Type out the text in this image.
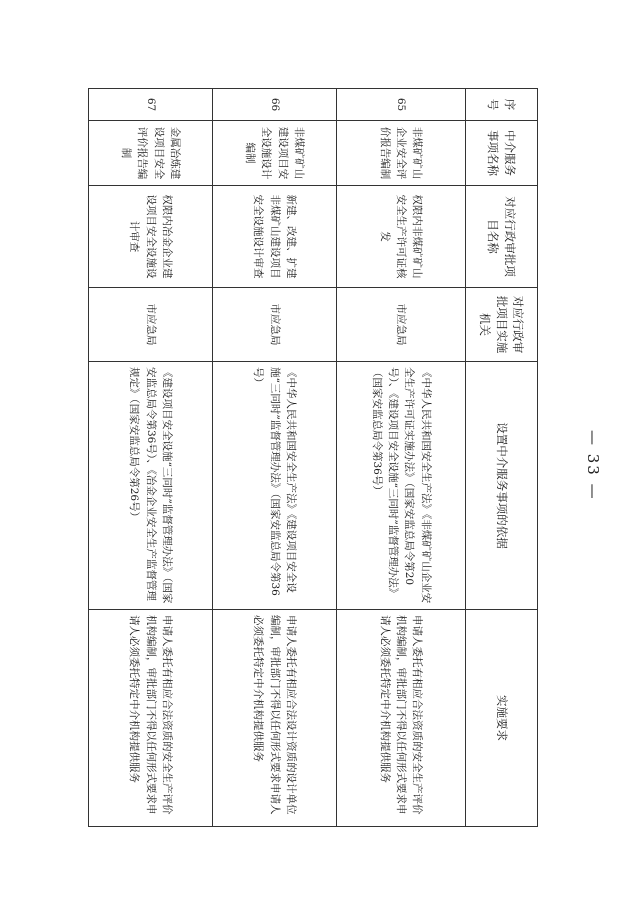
序号	中介服务事项名称	对应行政审批项目名称	对应行政审批项目实施机关	设置中介服务事项的依据	实施要求
65	非煤矿矿山企业安全评价报告编制	权限内非煤矿矿山安全生产许可证核发	市应急局	《中华人民共和国安全生产法》《非煤矿矿山企业安全生产许可证实施办法》（国家安监总局令第20号）、《建设项目安全设施“三同时”监督管理办法》（国家安监总局令第36号）	申请人委托有相应合法资质的安全生产评价机构编制，审批部门不得以任何形式要求申请人必须委托特定中介机构提供服务
66	非煤矿矿山建设项目安全设施设计编制	新建、改建、扩建非煤矿山建设项目安全设施设计审查	市应急局	《中华人民共和国安全生产法》《建设项目安全设施“三同时”监督管理办法》（国家安监总局令第36号）	申请人委托有相应合法设计资质的设计单位编制，审批部门不得以任何形式要求申请人必须委托特定中介机构提供服务
67	金属冶炼建设项目安全评价报告编制	权限内冶金企业建设项目安全设施设计审查	市应急局	《建设项目安全设施“三同时”监督管理办法》（国家安监总局令第36号）、《冶金企业安全生产监督管理规定》（国家安监总局令第26号）	申请人委托有相应合法资质的安全生产评价机构编制，审批部门不得以任何形式要求申请人必须委托特定中介机构提供服务
— 33 —
